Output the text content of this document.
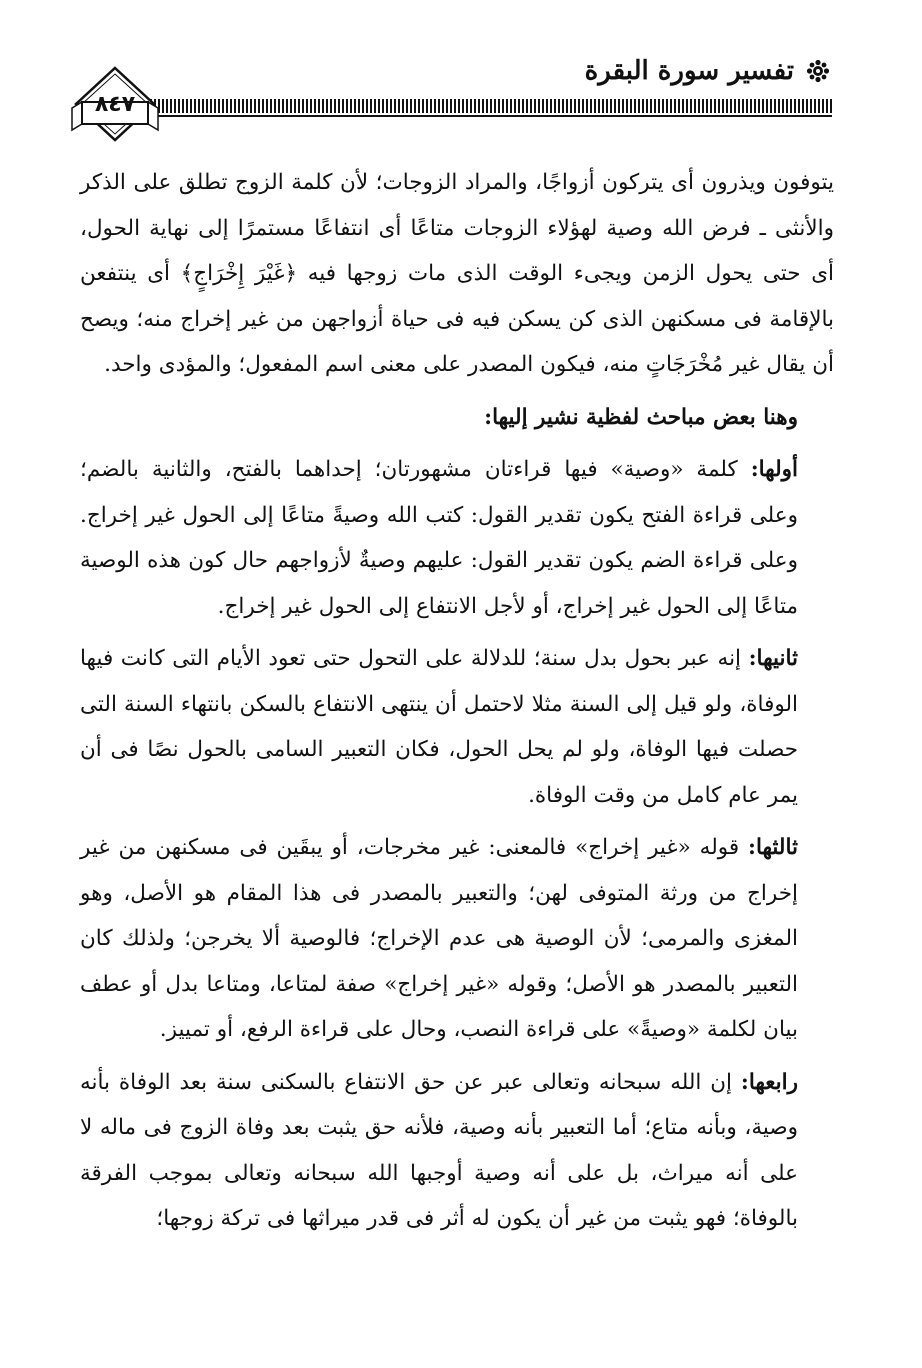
تفسير سورة البقرة
٨٤٧

يتوفون ويذرون أى يتركون أزواجًا، والمراد الزوجات؛ لأن كلمة الزوج تطلق على الذكر والأنثى ـ فرض الله وصية لهؤلاء الزوجات متاعًا أى انتفاعًا مستمرًا إلى نهاية الحول، أى حتى يحول الزمن ويجىء الوقت الذى مات زوجها فيه ﴿غَيْرَ إِخْرَاجٍ﴾ أى ينتفعن بالإقامة فى مسكنهن الذى كن يسكن فيه فى حياة أزواجهن من غير إخراج منه؛ ويصح أن يقال غير مُخْرَجَاتٍ منه، فيكون المصدر على معنى اسم المفعول؛ والمؤدى واحد.

وهنا بعض مباحث لفظية نشير إليها:

أولها: كلمة «وصية» فيها قراءتان مشهورتان؛ إحداهما بالفتح، والثانية بالضم؛ وعلى قراءة الفتح يكون تقدير القول: كتب الله وصيةً متاعًا إلى الحول غير إخراج. وعلى قراءة الضم يكون تقدير القول: عليهم وصيةٌ لأزواجهم حال كون هذه الوصية متاعًا إلى الحول غير إخراج، أو لأجل الانتفاع إلى الحول غير إخراج.

ثانيها: إنه عبر بحول بدل سنة؛ للدلالة على التحول حتى تعود الأيام التى كانت فيها الوفاة، ولو قيل إلى السنة مثلا لاحتمل أن ينتهى الانتفاع بالسكن بانتهاء السنة التى حصلت فيها الوفاة، ولو لم يحل الحول، فكان التعبير السامى بالحول نصًا فى أن يمر عام كامل من وقت الوفاة.

ثالثها: قوله «غير إخراج» فالمعنى: غير مخرجات، أو يبقَين فى مسكنهن من غير إخراج من ورثة المتوفى لهن؛ والتعبير بالمصدر فى هذا المقام هو الأصل، وهو المغزى والمرمى؛ لأن الوصية هى عدم الإخراج؛ فالوصية ألا يخرجن؛ ولذلك كان التعبير بالمصدر هو الأصل؛ وقوله «غير إخراج» صفة لمتاعا، ومتاعا بدل أو عطف بيان لكلمة «وصيةً» على قراءة النصب، وحال على قراءة الرفع، أو تمييز.

رابعها: إن الله سبحانه وتعالى عبر عن حق الانتفاع بالسكنى سنة بعد الوفاة بأنه وصية، وبأنه متاع؛ أما التعبير بأنه وصية، فلأنه حق يثبت بعد وفاة الزوج فى ماله لا على أنه ميراث، بل على أنه وصية أوجبها الله سبحانه وتعالى بموجب الفرقة بالوفاة؛ فهو يثبت من غير أن يكون له أثر فى قدر ميراثها فى تركة زوجها؛
